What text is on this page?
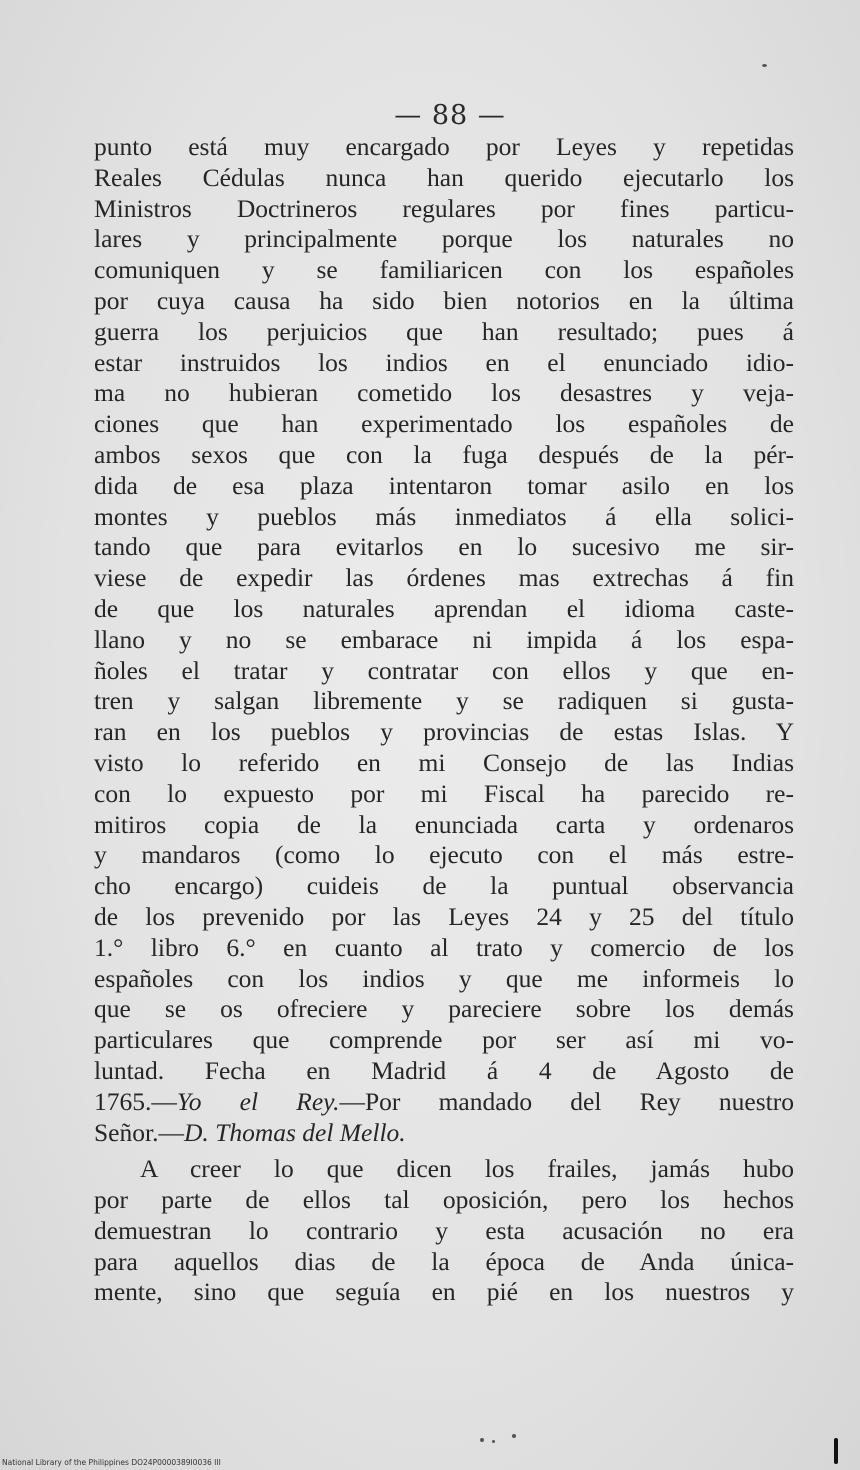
— 88 —
punto está muy encargado por Leyes y repetidas
Reales Cédulas nunca han querido ejecutarlo los
Ministros Doctrineros regulares por fines particu-
lares y principalmente porque los naturales no
comuniquen y se familiaricen con los españoles
por cuya causa ha sido bien notorios en la última
guerra los perjuicios que han resultado; pues á
estar instruidos los indios en el enunciado idio-
ma no hubieran cometido los desastres y veja-
ciones que han experimentado los españoles de
ambos sexos que con la fuga después de la pér-
dida de esa plaza intentaron tomar asilo en los
montes y pueblos más inmediatos á ella solici-
tando que para evitarlos en lo sucesivo me sir-
viese de expedir las órdenes mas extrechas á fin
de que los naturales aprendan el idioma caste-
llano y no se embarace ni impida á los espa-
ñoles el tratar y contratar con ellos y que en-
tren y salgan libremente y se radiquen si gusta-
ran en los pueblos y provincias de estas Islas. Y
visto lo referido en mi Consejo de las Indias
con lo expuesto por mi Fiscal ha parecido re-
mitiros copia de la enunciada carta y ordenaros
y mandaros (como lo ejecuto con el más estre-
cho encargo) cuideis de la puntual observancia
de los prevenido por las Leyes 24 y 25 del título
1.° libro 6.° en cuanto al trato y comercio de los
españoles con los indios y que me informeis lo
que se os ofreciere y pareciere sobre los demás
particulares que comprende por ser así mi vo-
luntad. Fecha en Madrid á 4 de Agosto de
1765.—Yo el Rey.—Por mandado del Rey nuestro
Señor.—D. Thomas del Mello.
A creer lo que dicen los frailes, jamás hubo
por parte de ellos tal oposición, pero los hechos
demuestran lo contrario y esta acusación no era
para aquellos dias de la época de Anda única-
mente, sino que seguía en pié en los nuestros y
National Library of the Philippines DO24P0000389I0036 III
